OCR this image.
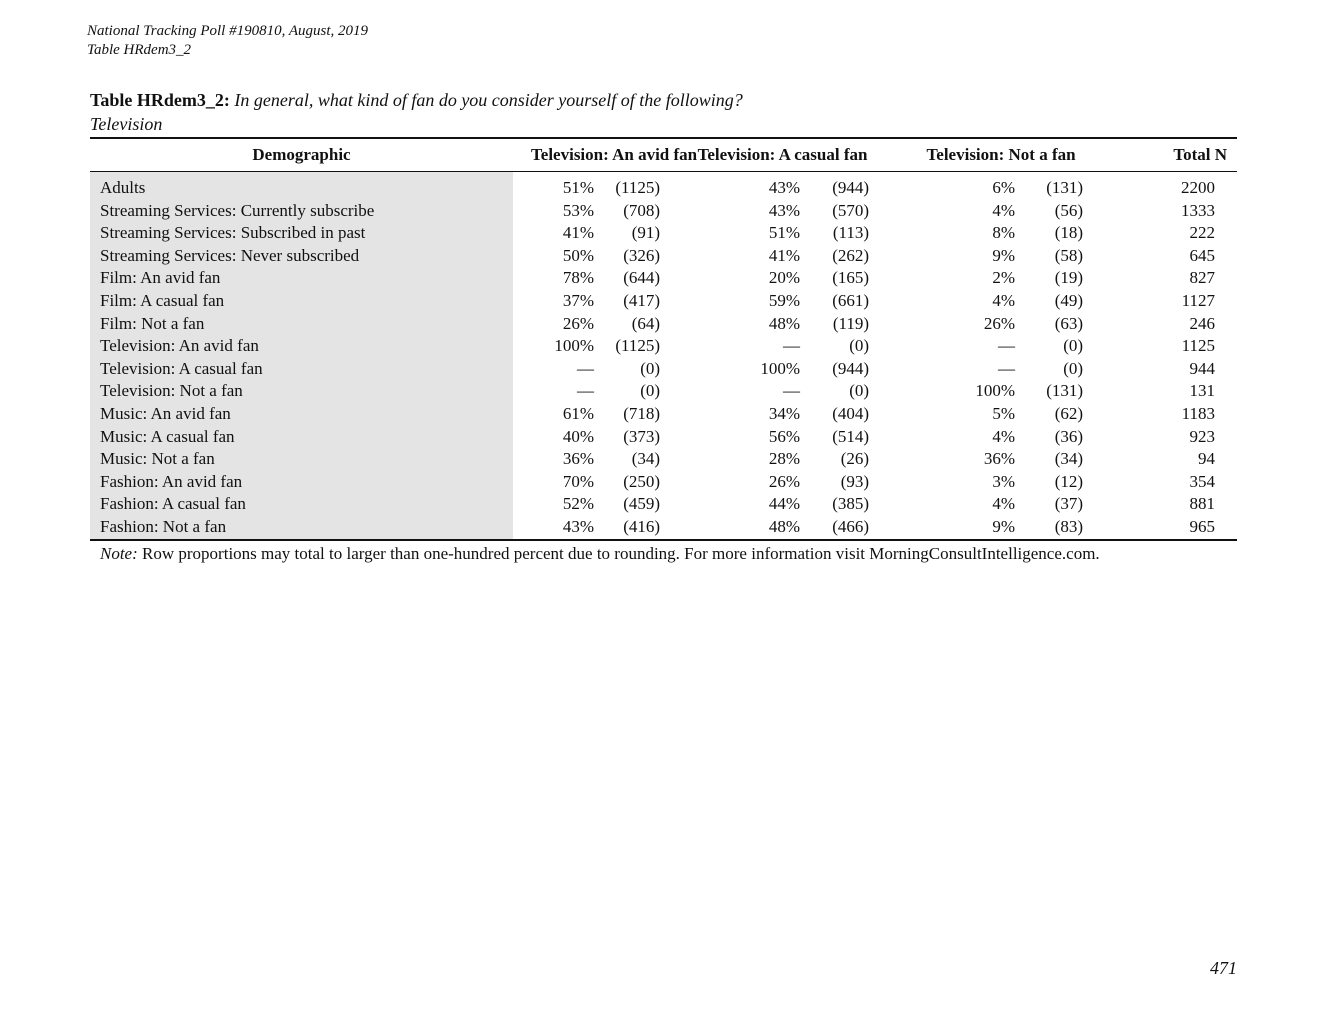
National Tracking Poll #190810, August, 2019
Table HRdem3_2
Table HRdem3_2: In general, what kind of fan do you consider yourself of the following?
Television
Demographic	Television: An avid fan		Television: A casual fan		Television: Not a fan		Total N

Adults	51%	(1125)	43%	(944)	6%	(131)	2200
Streaming Services: Currently subscribe	53%	(708)	43%	(570)	4%	(56)	1333
Streaming Services: Subscribed in past	41%	(91)	51%	(113)	8%	(18)	222
Streaming Services: Never subscribed	50%	(326)	41%	(262)	9%	(58)	645
Film: An avid fan	78%	(644)	20%	(165)	2%	(19)	827
Film: A casual fan	37%	(417)	59%	(661)	4%	(49)	1127
Film: Not a fan	26%	(64)	48%	(119)	26%	(63)	246
Television: An avid fan	100%	(1125)	—	(0)	—	(0)	1125
Television: A casual fan	—	(0)	100%	(944)	—	(0)	944
Television: Not a fan	—	(0)	—	(0)	100%	(131)	131
Music: An avid fan	61%	(718)	34%	(404)	5%	(62)	1183
Music: A casual fan	40%	(373)	56%	(514)	4%	(36)	923
Music: Not a fan	36%	(34)	28%	(26)	36%	(34)	94
Fashion: An avid fan	70%	(250)	26%	(93)	3%	(12)	354
Fashion: A casual fan	52%	(459)	44%	(385)	4%	(37)	881
Fashion: Not a fan	43%	(416)	48%	(466)	9%	(83)	965

Note: Row proportions may total to larger than one-hundred percent due to rounding. For more information visit MorningConsultIntelligence.com.
471
